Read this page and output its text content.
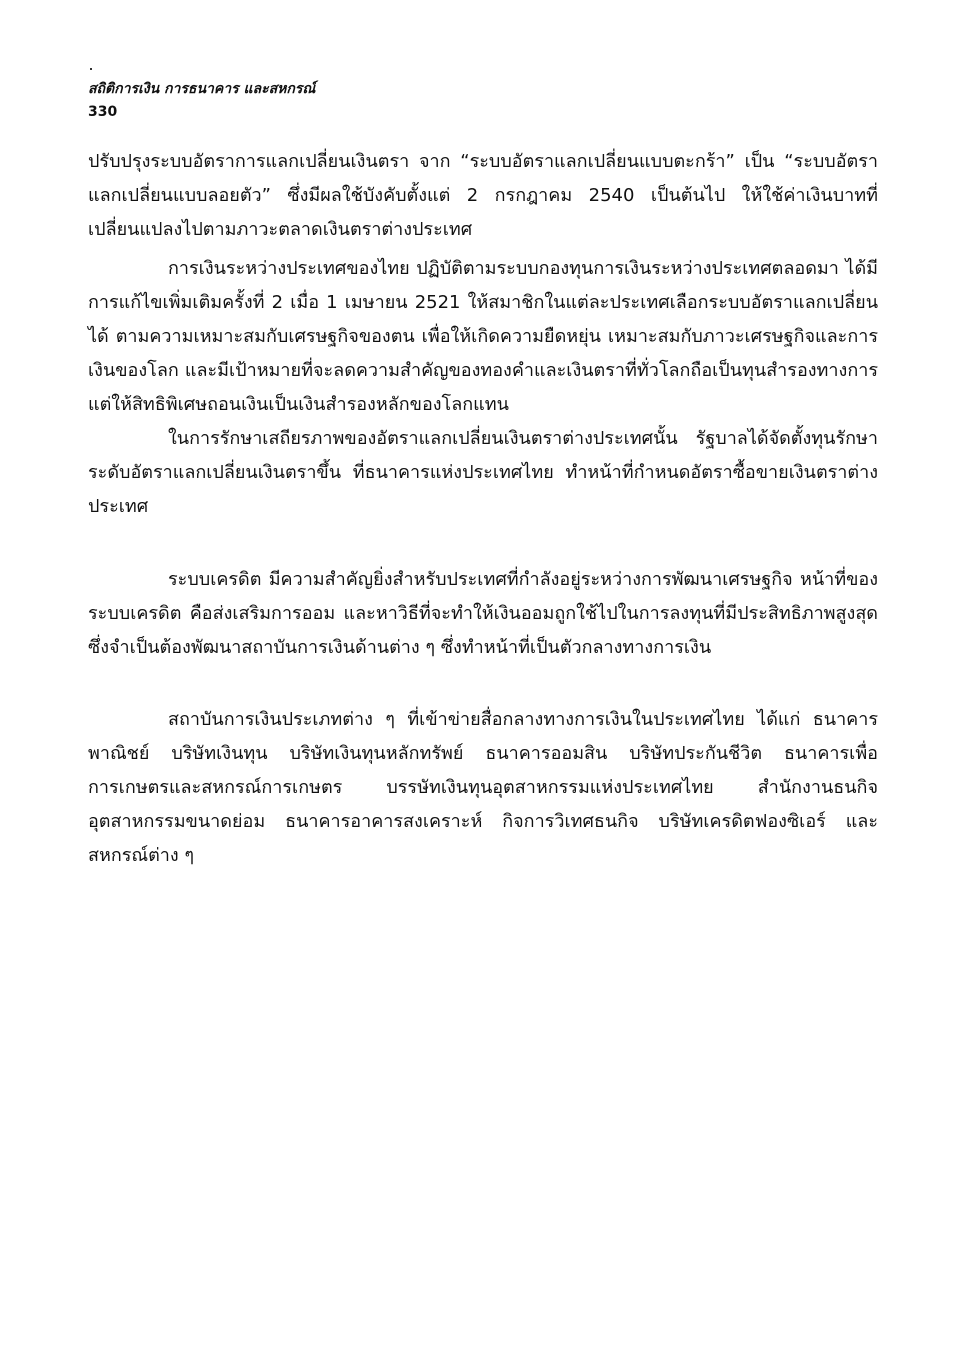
สถิติการเงิน การธนาคาร และสหกรณ์
330

ปรับปรุงระบบอัตราการแลกเปลี่ยนเงินตรา จาก “ระบบอัตราแลกเปลี่ยนแบบตะกร้า” เป็น “ระบบอัตราแลกเปลี่ยนแบบลอยตัว” ซึ่งมีผลใช้บังคับตั้งแต่ 2 กรกฎาคม 2540 เป็นต้นไป ให้ใช้ค่าเงินบาทที่เปลี่ยนแปลงไปตามภาวะตลาดเงินตราต่างประเทศ

การเงินระหว่างประเทศของไทย ปฏิบัติตามระบบกองทุนการเงินระหว่างประเทศตลอดมา ได้มีการแก้ไขเพิ่มเติมครั้งที่ 2 เมื่อ 1 เมษายน 2521 ให้สมาชิกในแต่ละประเทศเลือกระบบอัตราแลกเปลี่ยนได้ ตามความเหมาะสมกับเศรษฐกิจของตน เพื่อให้เกิดความยืดหยุ่น เหมาะสมกับภาวะเศรษฐกิจและการเงินของโลก และมีเป้าหมายที่จะลดความสำคัญของทองคำและเงินตราที่ทั่วโลกถือเป็นทุนสำรองทางการ แต่ให้สิทธิพิเศษถอนเงินเป็นเงินสำรองหลักของโลกแทน

ในการรักษาเสถียรภาพของอัตราแลกเปลี่ยนเงินตราต่างประเทศนั้น รัฐบาลได้จัดตั้งทุนรักษาระดับอัตราแลกเปลี่ยนเงินตราขึ้น ที่ธนาคารแห่งประเทศไทย ทำหน้าที่กำหนดอัตราซื้อขายเงินตราต่างประเทศ

ระบบเครดิต มีความสำคัญยิ่งสำหรับประเทศที่กำลังอยู่ระหว่างการพัฒนาเศรษฐกิจ หน้าที่ของระบบเครดิต คือส่งเสริมการออม และหาวิธีที่จะทำให้เงินออมถูกใช้ไปในการลงทุนที่มีประสิทธิภาพสูงสุดซึ่งจำเป็นต้องพัฒนาสถาบันการเงินด้านต่าง ๆ ซึ่งทำหน้าที่เป็นตัวกลางทางการเงิน

สถาบันการเงินประเภทต่าง ๆ ที่เข้าข่ายสื่อกลางทางการเงินในประเทศไทย ได้แก่ ธนาคารพาณิชย์ บริษัทเงินทุน บริษัทเงินทุนหลักทรัพย์ ธนาคารออมสิน บริษัทประกันชีวิต ธนาคารเพื่อการเกษตรและสหกรณ์การเกษตร บรรษัทเงินทุนอุตสาหกรรมแห่งประเทศไทย สำนักงานธนกิจอุตสาหกรรมขนาดย่อม ธนาคารอาคารสงเคราะห์ กิจการวิเทศธนกิจ บริษัทเครดิตฟองซิเอร์ และสหกรณ์ต่าง ๆ
